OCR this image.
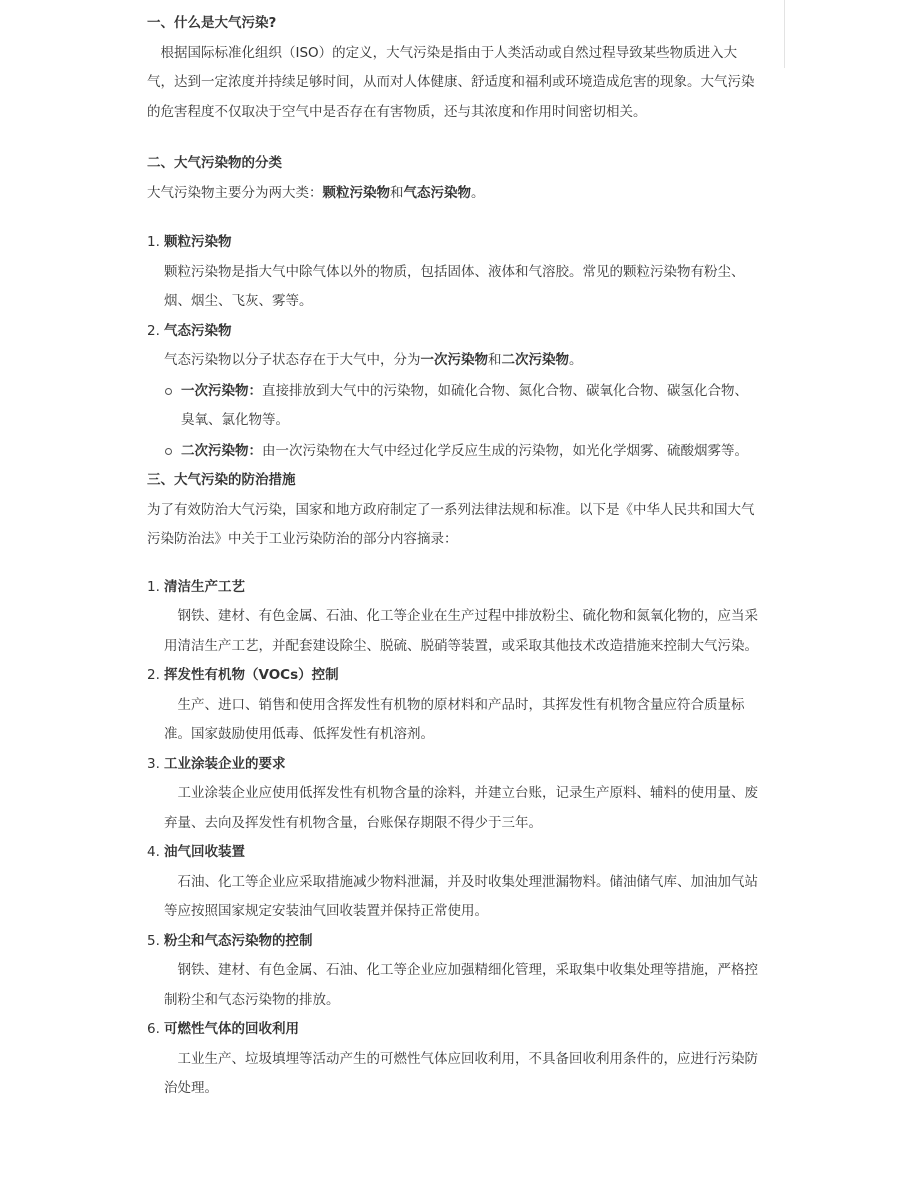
一、什么是大气污染?

根据国际标准化组织（ISO）的定义，大气污染是指由于人类活动或自然过程导致某些物质进入大气，达到一定浓度并持续足够时间，从而对人体健康、舒适度和福利或环境造成危害的现象。大气污染的危害程度不仅取决于空气中是否存在有害物质，还与其浓度和作用时间密切相关。

二、大气污染物的分类

大气污染物主要分为两大类：颗粒污染物和气态污染物。

1. 颗粒污染物

颗粒污染物是指大气中除气体以外的物质，包括固体、液体和气溶胶。常见的颗粒污染物有粉尘、烟、烟尘、飞灰、雾等。

2. 气态污染物

气态污染物以分子状态存在于大气中，分为一次污染物和二次污染物。

一次污染物：直接排放到大气中的污染物，如硫化合物、氮化合物、碳氧化合物、碳氢化合物、臭氧、氯化物等。

二次污染物：由一次污染物在大气中经过化学反应生成的污染物，如光化学烟雾、硫酸烟雾等。

三、大气污染的防治措施

为了有效防治大气污染，国家和地方政府制定了一系列法律法规和标准。以下是《中华人民共和国大气污染防治法》中关于工业污染防治的部分内容摘录：

1. 清洁生产工艺

钢铁、建材、有色金属、石油、化工等企业在生产过程中排放粉尘、硫化物和氮氧化物的，应当采用清洁生产工艺，并配套建设除尘、脱硫、脱硝等装置，或采取其他技术改造措施来控制大气污染。

2. 挥发性有机物（VOCs）控制

生产、进口、销售和使用含挥发性有机物的原材料和产品时，其挥发性有机物含量应符合质量标准。国家鼓励使用低毒、低挥发性有机溶剂。

3. 工业涂装企业的要求

工业涂装企业应使用低挥发性有机物含量的涂料，并建立台账，记录生产原料、辅料的使用量、废弃量、去向及挥发性有机物含量，台账保存期限不得少于三年。

4. 油气回收装置

石油、化工等企业应采取措施减少物料泄漏，并及时收集处理泄漏物料。储油储气库、加油加气站等应按照国家规定安装油气回收装置并保持正常使用。

5. 粉尘和气态污染物的控制

钢铁、建材、有色金属、石油、化工等企业应加强精细化管理，采取集中收集处理等措施，严格控制粉尘和气态污染物的排放。

6. 可燃性气体的回收利用

工业生产、垃圾填埋等活动产生的可燃性气体应回收利用，不具备回收利用条件的，应进行污染防治处理。
